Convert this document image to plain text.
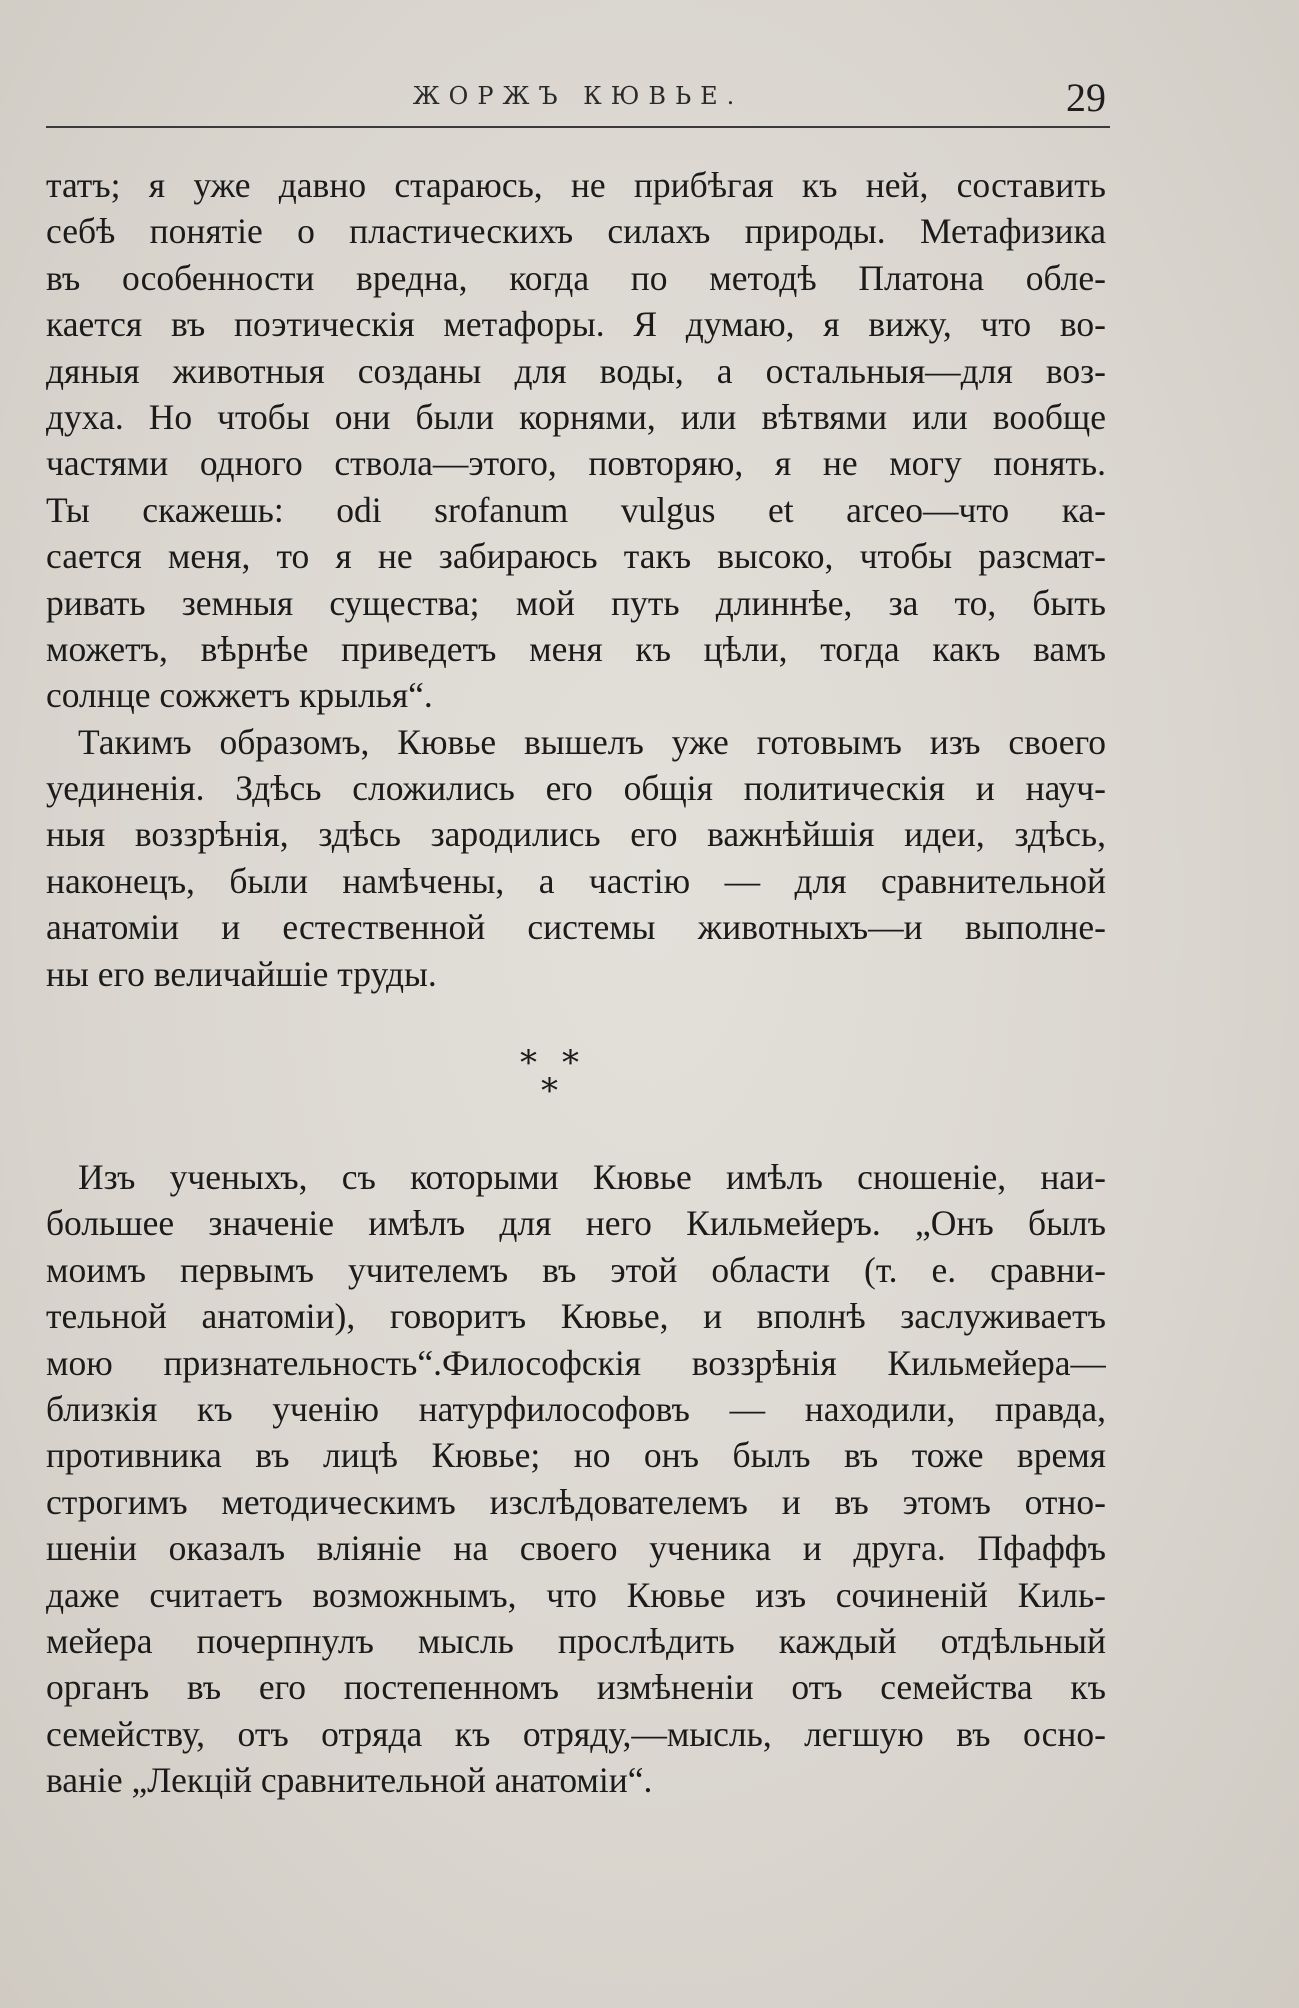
ЖОРЖЪ КЮВЬЕ.	29
татъ; я уже давно стараюсь, не прибѣгая къ ней, составить
себѣ понятіе о пластическихъ силахъ природы. Метафизика
въ особенности вредна, когда по методѣ Платона обле-
кается въ поэтическія метафоры. Я думаю, я вижу, что во-
дяныя животныя созданы для воды, а остальныя—для воз-
духа. Но чтобы они были корнями, или вѣтвями или вообще
частями одного ствола—этого, повторяю, я не могу понять.
Ты скажешь: odi srofanum vulgus et arceo—что ка-
сается меня, то я не забираюсь такъ высоко, чтобы разсмат-
ривать земныя существа; мой путь длиннѣе, за то, быть
можетъ, вѣрнѣе приведетъ меня къ цѣли, тогда какъ вамъ
солнце сожжетъ крылья“.
Такимъ образомъ, Кювье вышелъ уже готовымъ изъ своего
уединенія. Здѣсь сложились его общія политическія и науч-
ныя воззрѣнія, здѣсь зародились его важнѣйшія идеи, здѣсь,
наконецъ, были намѣчены, а частію — для сравнительной
анатоміи и естественной системы животныхъ—и выполне-
ны его величайшіе труды.
* *
*
Изъ ученыхъ, съ которыми Кювье имѣлъ сношеніе, наи-
большее значеніе имѣлъ для него Кильмейеръ. „Онъ былъ
моимъ первымъ учителемъ въ этой области (т. е. сравни-
тельной анатоміи), говоритъ Кювье, и вполнѣ заслуживаетъ
мою признательность“.Философскія воззрѣнія Кильмейера—
близкія къ ученію натурфилософовъ — находили, правда,
противника въ лицѣ Кювье; но онъ былъ въ тоже время
строгимъ методическимъ изслѣдователемъ и въ этомъ отно-
шеніи оказалъ вліяніе на своего ученика и друга. Пфаффъ
даже считаетъ возможнымъ, что Кювье изъ сочиненій Киль-
мейера почерпнулъ мысль прослѣдить каждый отдѣльный
органъ въ его постепенномъ измѣненіи отъ семейства къ
семейству, отъ отряда къ отряду,—мысль, легшую въ осно-
ваніе „Лекцій сравнительной анатоміи“.
